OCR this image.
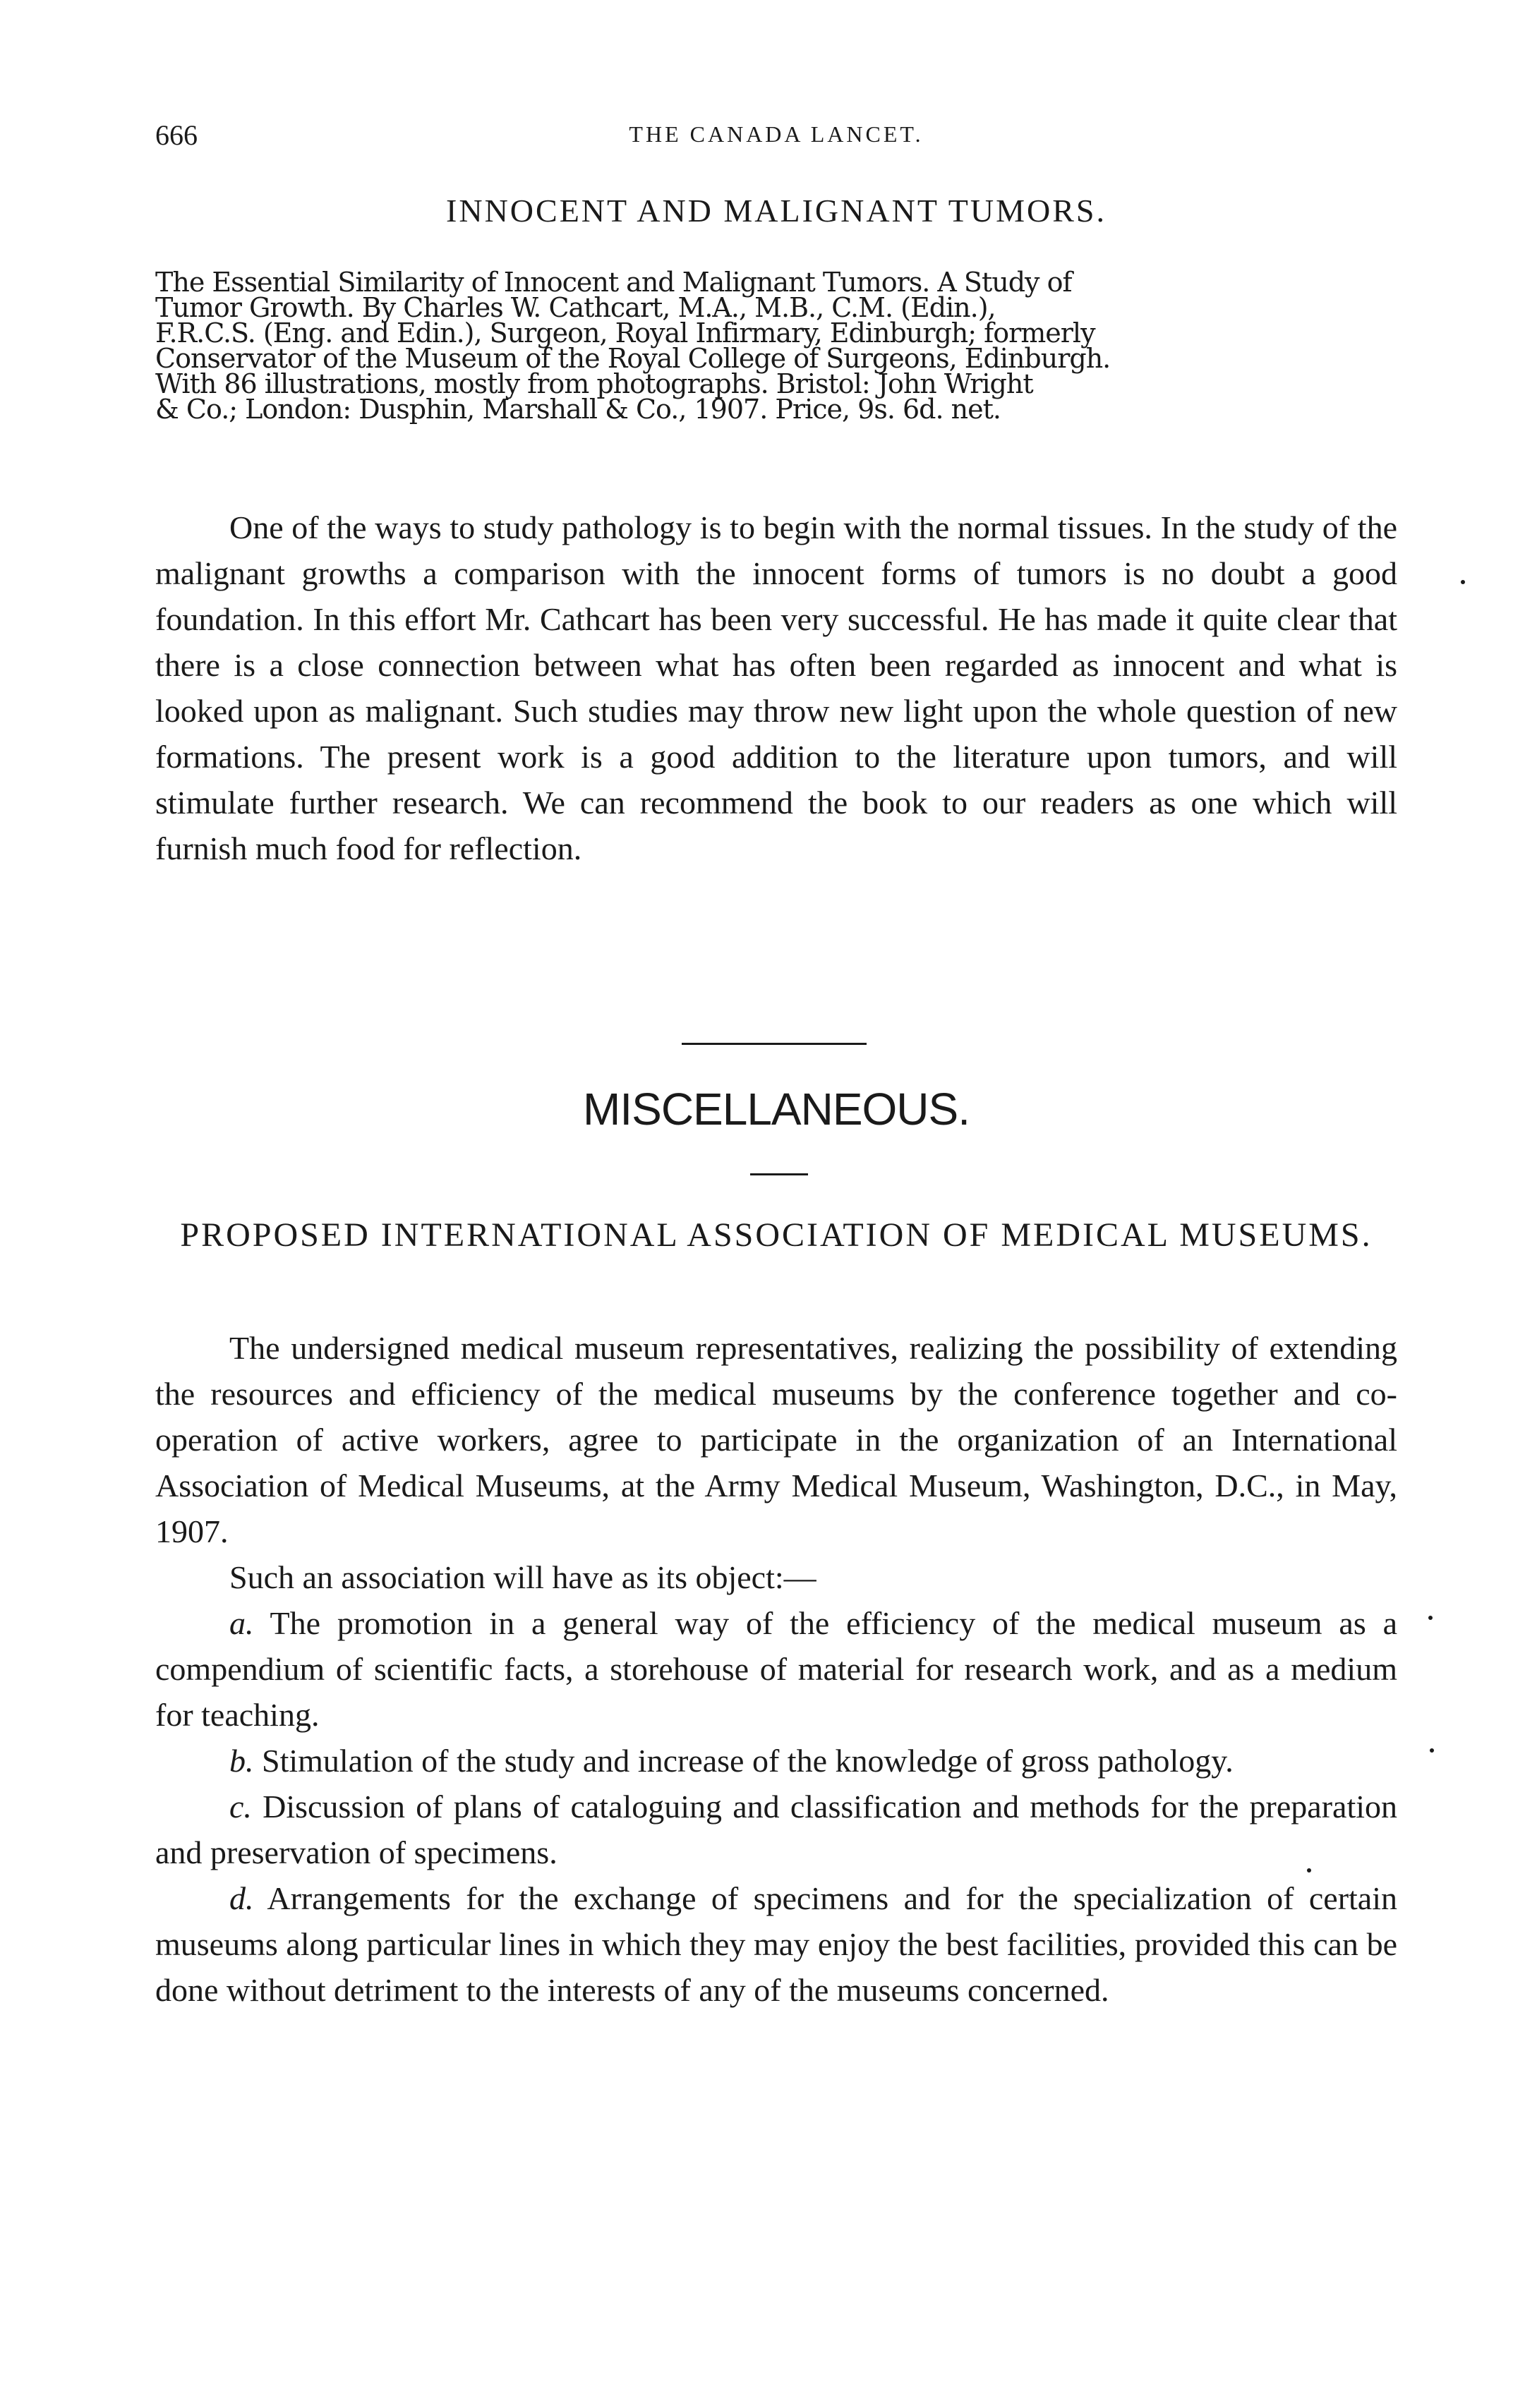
666	THE CANADA LANCET.
INNOCENT AND MALIGNANT TUMORS.
The Essential Similarity of Innocent and Malignant Tumors. A Study of
Tumor Growth. By Charles W. Cathcart, M.A., M.B., C.M. (Edin.),
F.R.C.S. (Eng. and Edin.), Surgeon, Royal Infirmary, Edinburgh; formerly
Conservator of the Museum of the Royal College of Surgeons, Edinburgh.
With 86 illustrations, mostly from photographs. Bristol: John Wright
& Co.; London: Dusphin, Marshall & Co., 1907. Price, 9s. 6d. net.

One of the ways to study pathology is to begin with the normal tissues. In the study of the malignant growths a comparison with the innocent forms of tumors is no doubt a good foundation. In this effort Mr. Cathcart has been very successful. He has made it quite clear that there is a close connection between what has often been regarded as innocent and what is looked upon as malignant. Such studies may throw new light upon the whole question of new formations. The present work is a good addition to the literature upon tumors, and will stimulate further research. We can recommend the book to our readers as one which will furnish much food for reflection.

MISCELLANEOUS.
PROPOSED INTERNATIONAL ASSOCIATION OF MEDICAL MUSEUMS.

The undersigned medical museum representatives, realizing the possibility of extending the resources and efficiency of the medical museums by the conference together and co-operation of active workers, agree to participate in the organization of an International Association of Medical Museums, at the Army Medical Museum, Washington, D.C., in May, 1907.

Such an association will have as its object:—

a. The promotion in a general way of the efficiency of the medical museum as a compendium of scientific facts, a storehouse of material for research work, and as a medium for teaching.

b. Stimulation of the study and increase of the knowledge of gross pathology.

c. Discussion of plans of cataloguing and classification and methods for the preparation and preservation of specimens.

d. Arrangements for the exchange of specimens and for the specialization of certain museums along particular lines in which they may enjoy the best facilities, provided this can be done without detriment to the interests of any of the museums concerned.
